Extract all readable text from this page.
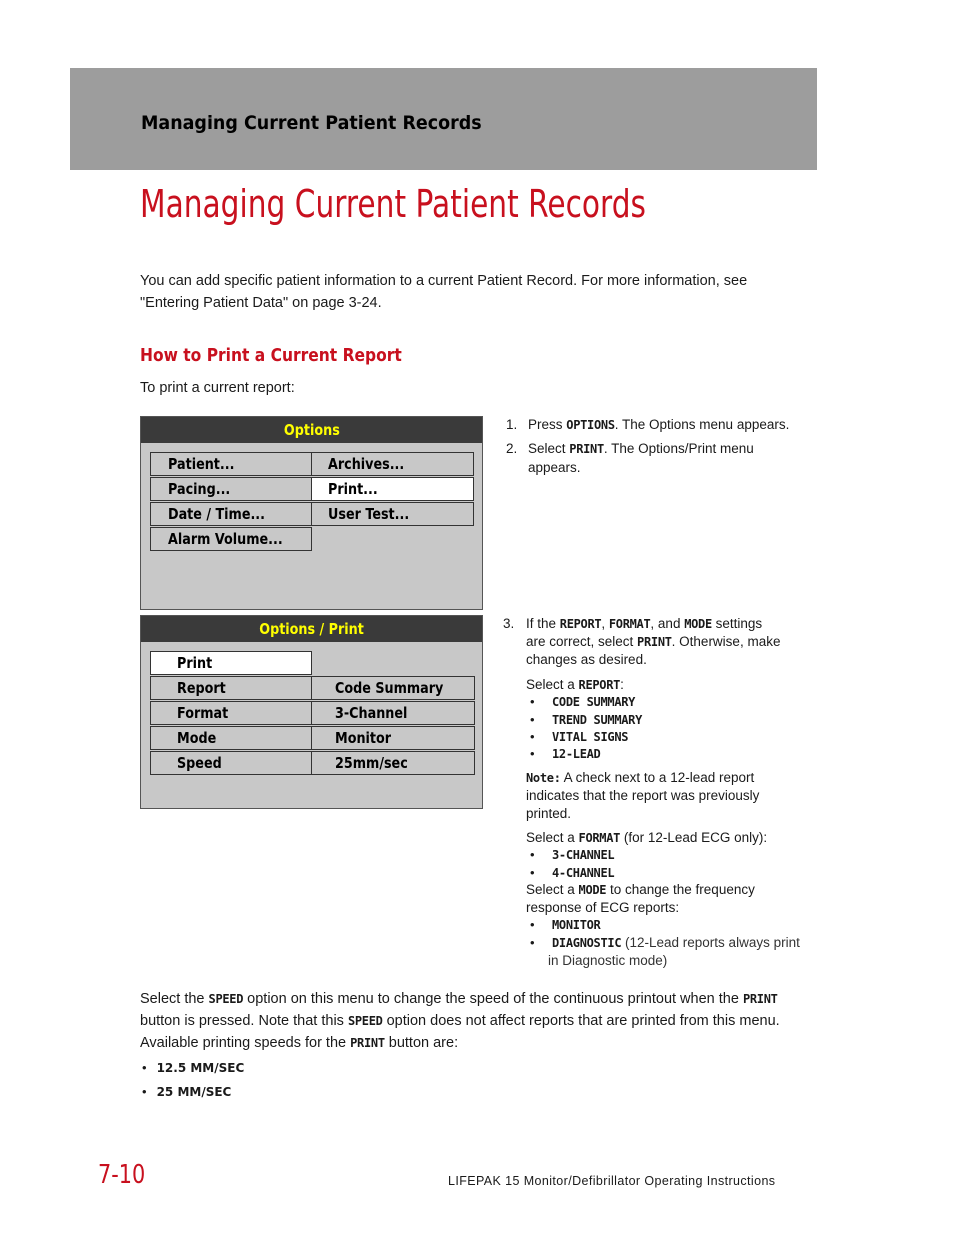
Managing Current Patient Records
Managing Current Patient Records
You can add specific patient information to a current Patient Record. For more information, see "Entering Patient Data" on page 3-24.
How to Print a Current Report
To print a current report:
Options
Patient...	Archives...
Pacing...	Print...
Date / Time...	User Test...
Alarm Volume...
Options / Print
Print
Report	Code Summary
Format	3-Channel
Mode	Monitor
Speed	25mm/sec
1. Press OPTIONS. The Options menu appears.
2. Select PRINT. The Options/Print menu
appears.
3. If the REPORT, FORMAT, and MODE settings
are correct, select PRINT. Otherwise, make
changes as desired.
Select a REPORT:
• CODE SUMMARY
• TREND SUMMARY
• VITAL SIGNS
• 12-LEAD
Note: A check next to a 12-lead report
indicates that the report was previously
printed.
Select a FORMAT (for 12-Lead ECG only):
• 3-CHANNEL
• 4-CHANNEL
Select a MODE to change the frequency
response of ECG reports:
• MONITOR
• DIAGNOSTIC (12-Lead reports always print
in Diagnostic mode)
Select the SPEED option on this menu to change the speed of the continuous printout when the PRINT button is pressed. Note that this SPEED option does not affect reports that are printed from this menu. Available printing speeds for the PRINT button are:
• 12.5 MM/SEC
• 25 MM/SEC
7-10	LIFEPAK 15 Monitor/Defibrillator Operating Instructions
